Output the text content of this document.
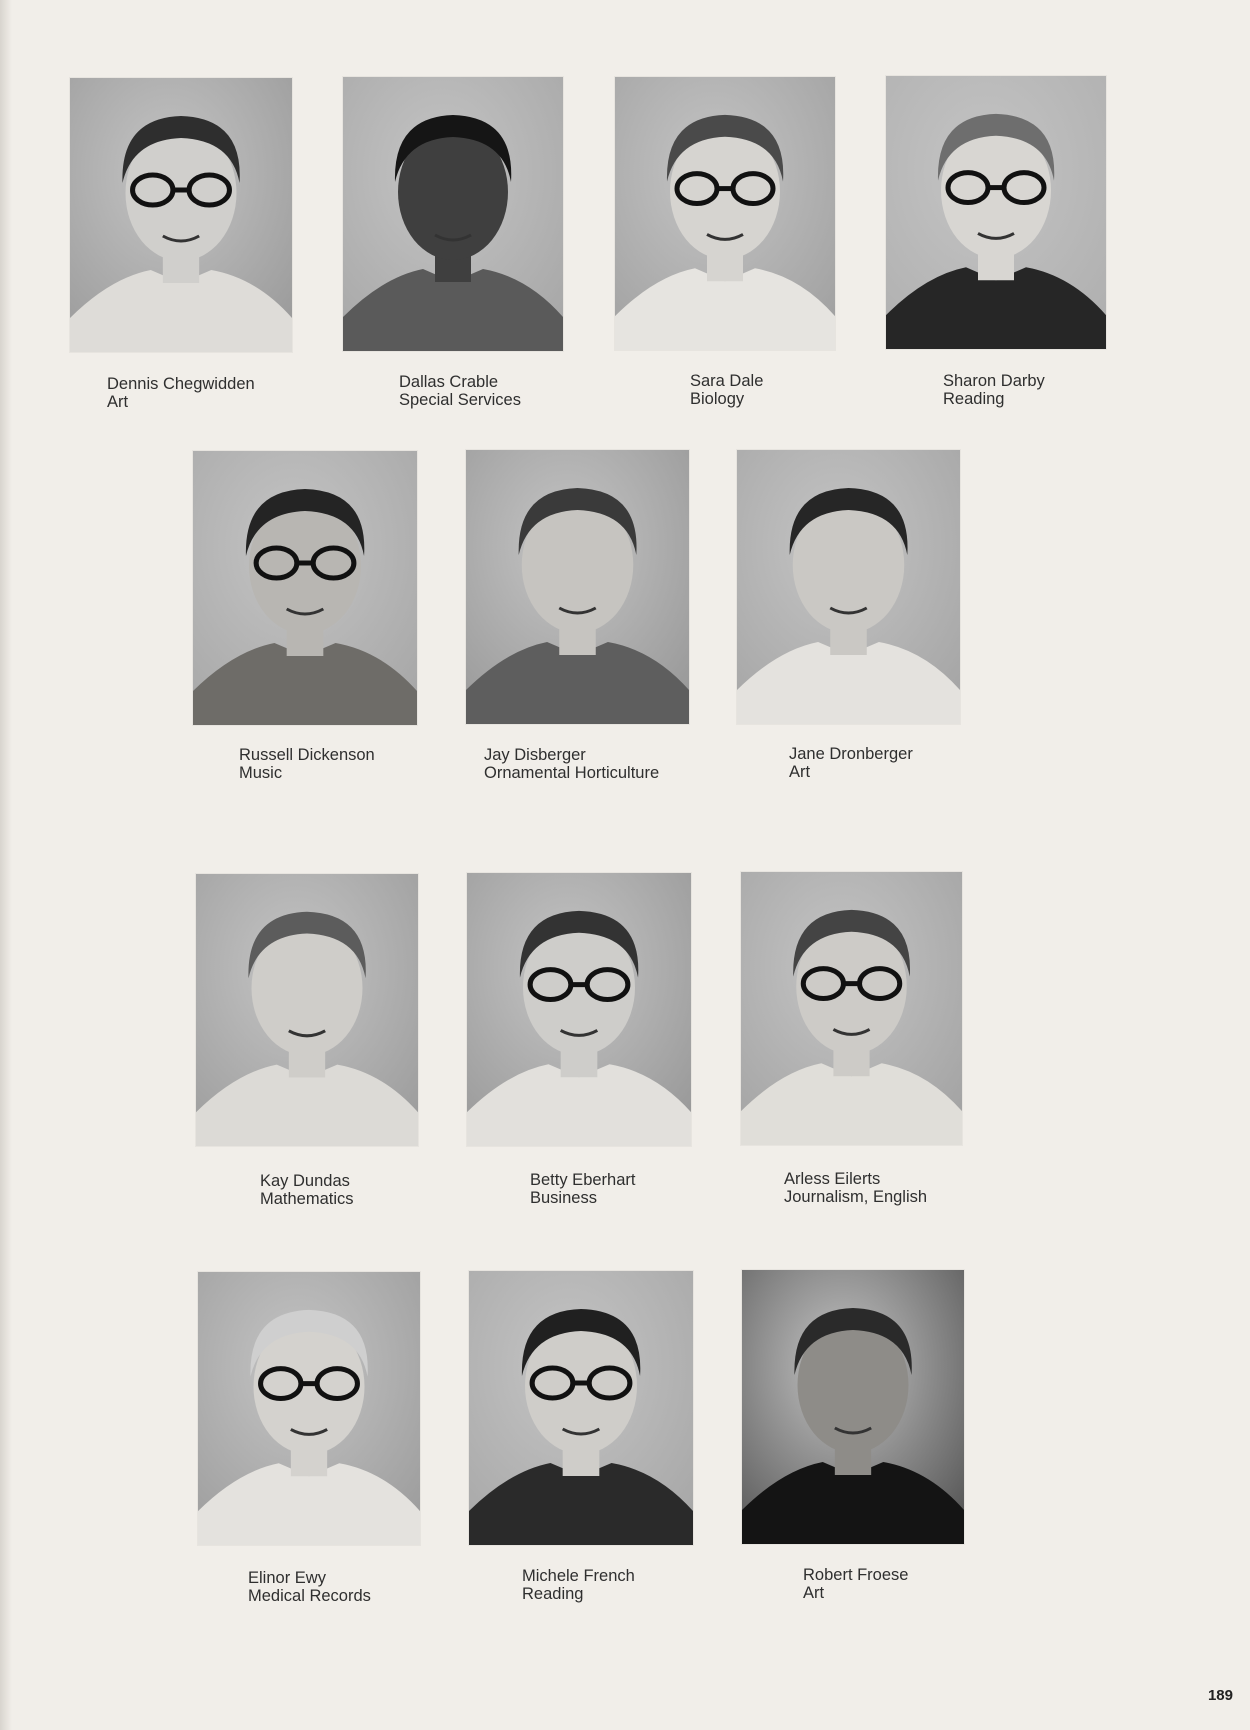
Dennis Chegwidden
Art
Dallas Crable
Special Services
Sara Dale
Biology
Sharon Darby
Reading
Russell Dickenson
Music
Jay Disberger
Ornamental Horticulture
Jane Dronberger
Art
Kay Dundas
Mathematics
Betty Eberhart
Business
Arless Eilerts
Journalism, English
Elinor Ewy
Medical Records
Michele French
Reading
Robert Froese
Art
189
